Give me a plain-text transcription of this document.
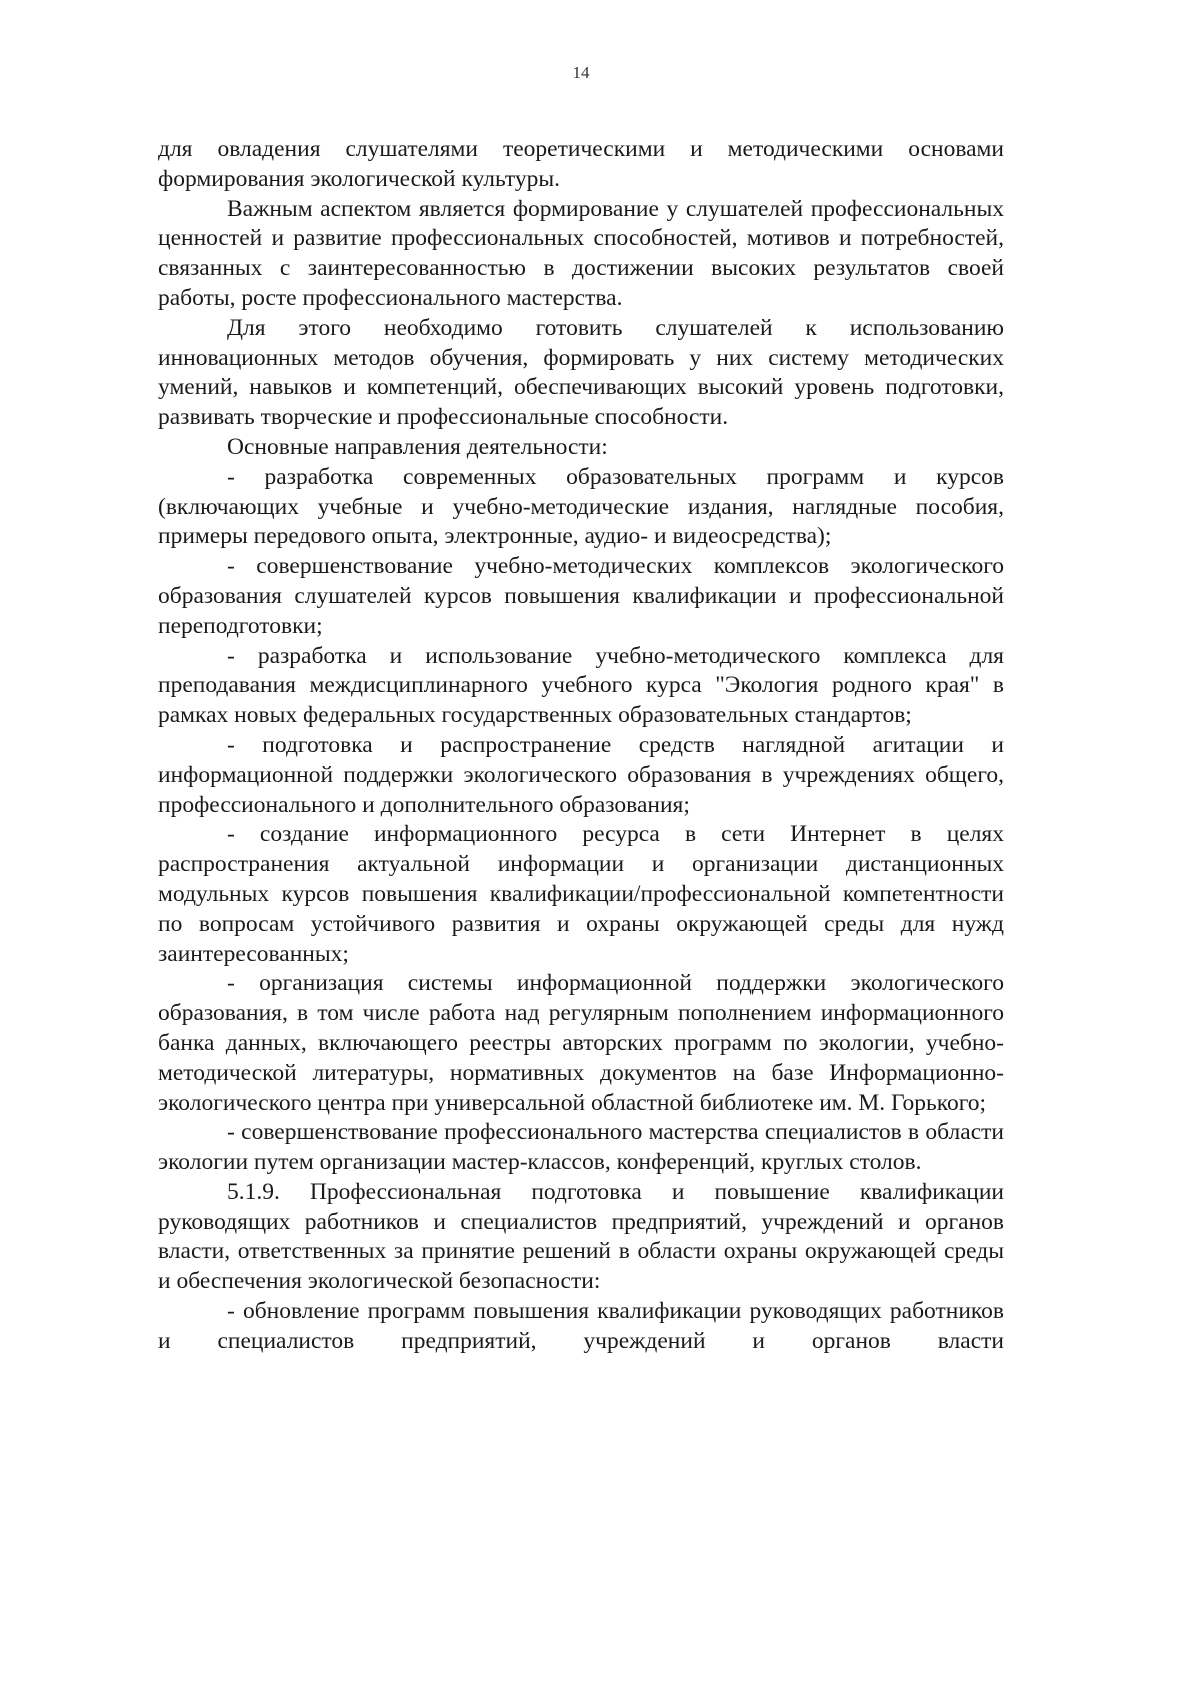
14

для овладения слушателями теоретическими и методическими основами формирования экологической культуры.

Важным аспектом является формирование у слушателей профессиональных ценностей и развитие профессиональных способностей, мотивов и потребностей, связанных с заинтересованностью в достижении высоких результатов своей работы, росте профессионального мастерства.

Для этого необходимо готовить слушателей к использованию инновационных методов обучения, формировать у них систему методических умений, навыков и компетенций, обеспечивающих высокий уровень подготовки, развивать творческие и профессиональные способности.

Основные направления деятельности:

- разработка современных образовательных программ и курсов (включающих учебные и учебно-методические издания, наглядные пособия, примеры передового опыта, электронные, аудио- и видеосредства);

- совершенствование учебно-методических комплексов экологического образования слушателей курсов повышения квалификации и профессиональной переподготовки;

- разработка и использование учебно-методического комплекса для преподавания междисциплинарного учебного курса "Экология родного края" в рамках новых федеральных государственных образовательных стандартов;

- подготовка и распространение средств наглядной агитации и информационной поддержки экологического образования в учреждениях общего, профессионального и дополнительного образования;

- создание информационного ресурса в сети Интернет в целях распространения актуальной информации и организации дистанционных модульных курсов повышения квалификации/профессиональной компетентности по вопросам устойчивого развития и охраны окружающей среды для нужд заинтересованных;

- организация системы информационной поддержки экологического образования, в том числе работа над регулярным пополнением информационного банка данных, включающего реестры авторских программ по экологии, учебно-методической литературы, нормативных документов на базе Информационно-экологического центра при универсальной областной библиотеке им. М. Горького;

- совершенствование профессионального мастерства специалистов в области экологии путем организации мастер-классов, конференций, круглых столов.

5.1.9. Профессиональная подготовка и повышение квалификации руководящих работников и специалистов предприятий, учреждений и органов власти, ответственных за принятие решений в области охраны окружающей среды и обеспечения экологической безопасности:

- обновление программ повышения квалификации руководящих работников и специалистов предприятий, учреждений и органов власти
